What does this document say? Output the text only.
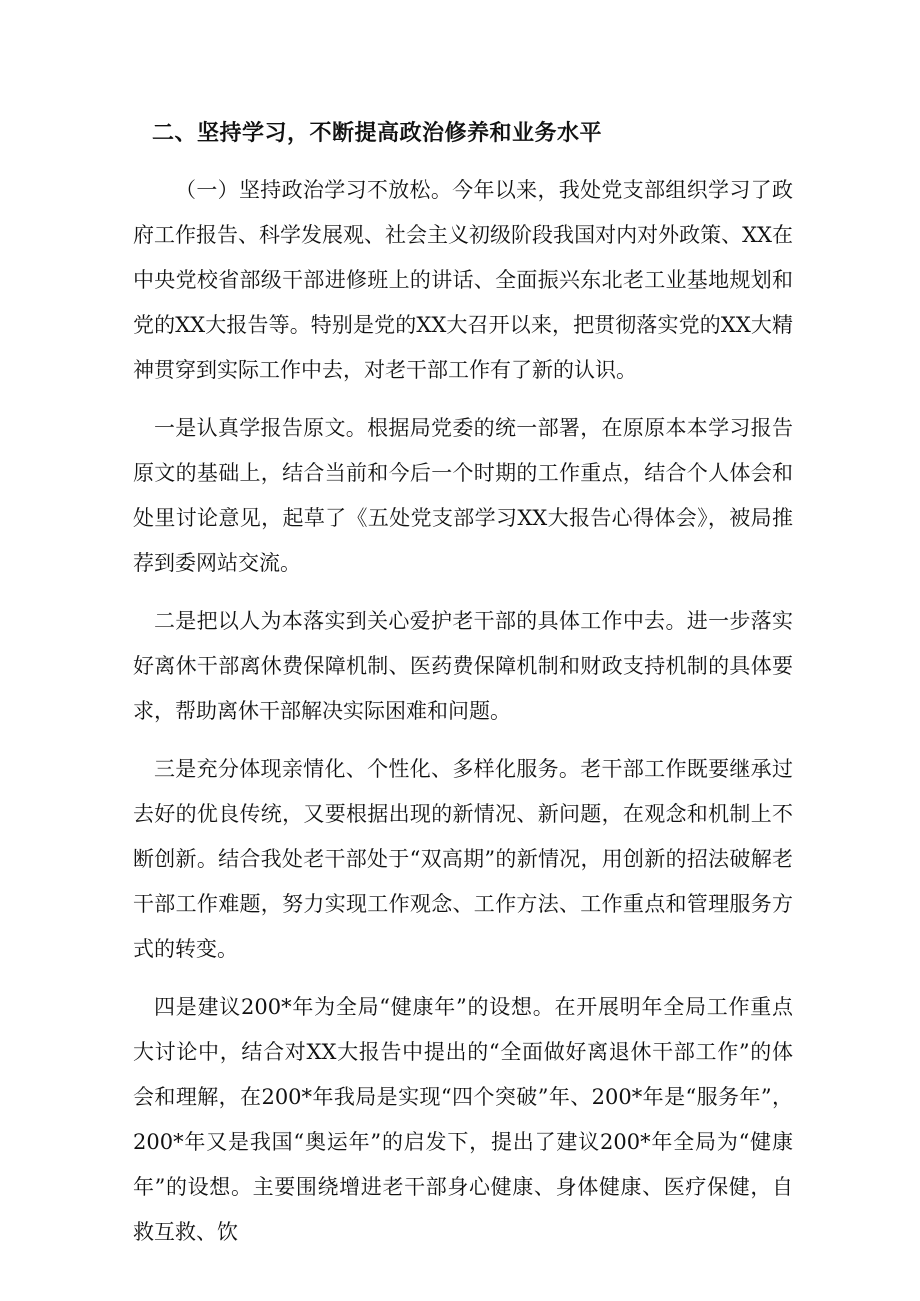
二、坚持学习，不断提高政治修养和业务水平

（一）坚持政治学习不放松。今年以来，我处党支部组织学习了政府工作报告、科学发展观、社会主义初级阶段我国对内对外政策、XX在中央党校省部级干部进修班上的讲话、全面振兴东北老工业基地规划和党的XX大报告等。特别是党的XX大召开以来，把贯彻落实党的XX大精神贯穿到实际工作中去，对老干部工作有了新的认识。

一是认真学报告原文。根据局党委的统一部署，在原原本本学习报告原文的基础上，结合当前和今后一个时期的工作重点，结合个人体会和处里讨论意见，起草了《五处党支部学习XX大报告心得体会》，被局推荐到委网站交流。

二是把以人为本落实到关心爱护老干部的具体工作中去。进一步落实好离休干部离休费保障机制、医药费保障机制和财政支持机制的具体要求，帮助离休干部解决实际困难和问题。

三是充分体现亲情化、个性化、多样化服务。老干部工作既要继承过去好的优良传统，又要根据出现的新情况、新问题，在观念和机制上不断创新。结合我处老干部处于“双高期”的新情况，用创新的招法破解老干部工作难题，努力实现工作观念、工作方法、工作重点和管理服务方式的转变。

四是建议200*年为全局“健康年”的设想。在开展明年全局工作重点大讨论中，结合对XX大报告中提出的“全面做好离退休干部工作”的体会和理解，在200*年我局是实现“四个突破”年、200*年是“服务年”，200*年又是我国“奥运年”的启发下，提出了建议200*年全局为“健康年”的设想。主要围绕增进老干部身心健康、身体健康、医疗保健，自救互救、饮
